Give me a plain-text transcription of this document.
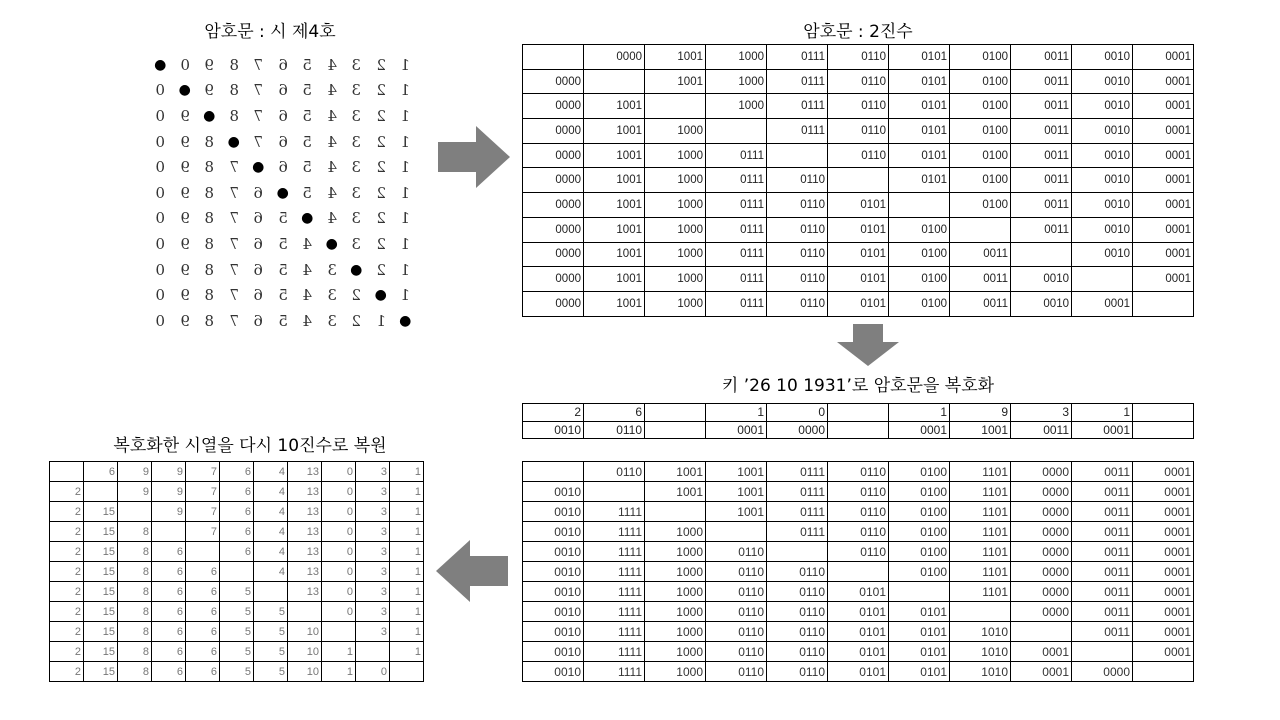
암호문 : 시 제4호
● 0 9 8 7 6 5 4 3 2 1
0 ● 9 8 7 6 5 4 3 2 1
0 9 ● 8 7 6 5 4 3 2 1
0 9 8 ● 7 6 5 4 3 2 1
0 9 8 7 ● 6 5 4 3 2 1
0 9 8 7 6 ● 5 4 3 2 1
0 9 8 7 6 5 ● 4 3 2 1
0 9 8 7 6 5 4 ● 3 2 1
0 9 8 7 6 5 4 3 ● 2 1
0 9 8 7 6 5 4 3 2 ● 1
0 9 8 7 6 5 4 3 2 1 ●
암호문 : 2진수
	0000	1001	1000	0111	0110	0101	0100	0011	0010	0001
0000		1001	1000	0111	0110	0101	0100	0011	0010	0001
0000	1001		1000	0111	0110	0101	0100	0011	0010	0001
0000	1001	1000		0111	0110	0101	0100	0011	0010	0001
0000	1001	1000	0111		0110	0101	0100	0011	0010	0001
0000	1001	1000	0111	0110		0101	0100	0011	0010	0001
0000	1001	1000	0111	0110	0101		0100	0011	0010	0001
0000	1001	1000	0111	0110	0101	0100		0011	0010	0001
0000	1001	1000	0111	0110	0101	0100	0011		0010	0001
0000	1001	1000	0111	0110	0101	0100	0011	0010		0001
0000	1001	1000	0111	0110	0101	0100	0011	0010	0001	
키 ’26 10 1931’로 암호문을 복호화
2	6		1	0		1	9	3	1	
0010	0110		0001	0000		0001	1001	0011	0001	
	0110	1001	1001	0111	0110	0100	1101	0000	0011	0001
0010		1001	1001	0111	0110	0100	1101	0000	0011	0001
0010	1111		1001	0111	0110	0100	1101	0000	0011	0001
0010	1111	1000		0111	0110	0100	1101	0000	0011	0001
0010	1111	1000	0110		0110	0100	1101	0000	0011	0001
0010	1111	1000	0110	0110		0100	1101	0000	0011	0001
0010	1111	1000	0110	0110	0101		1101	0000	0011	0001
0010	1111	1000	0110	0110	0101	0101		0000	0011	0001
0010	1111	1000	0110	0110	0101	0101	1010		0011	0001
0010	1111	1000	0110	0110	0101	0101	1010	0001		0001
0010	1111	1000	0110	0110	0101	0101	1010	0001	0000	
복호화한 시열을 다시 10진수로 복원
	6	9	9	7	6	4	13	0	3	1
2		9	9	7	6	4	13	0	3	1
2	15		9	7	6	4	13	0	3	1
2	15	8		7	6	4	13	0	3	1
2	15	8	6		6	4	13	0	3	1
2	15	8	6	6		4	13	0	3	1
2	15	8	6	6	5		13	0	3	1
2	15	8	6	6	5	5		0	3	1
2	15	8	6	6	5	5	10		3	1
2	15	8	6	6	5	5	10	1		1
2	15	8	6	6	5	5	10	1	0	
